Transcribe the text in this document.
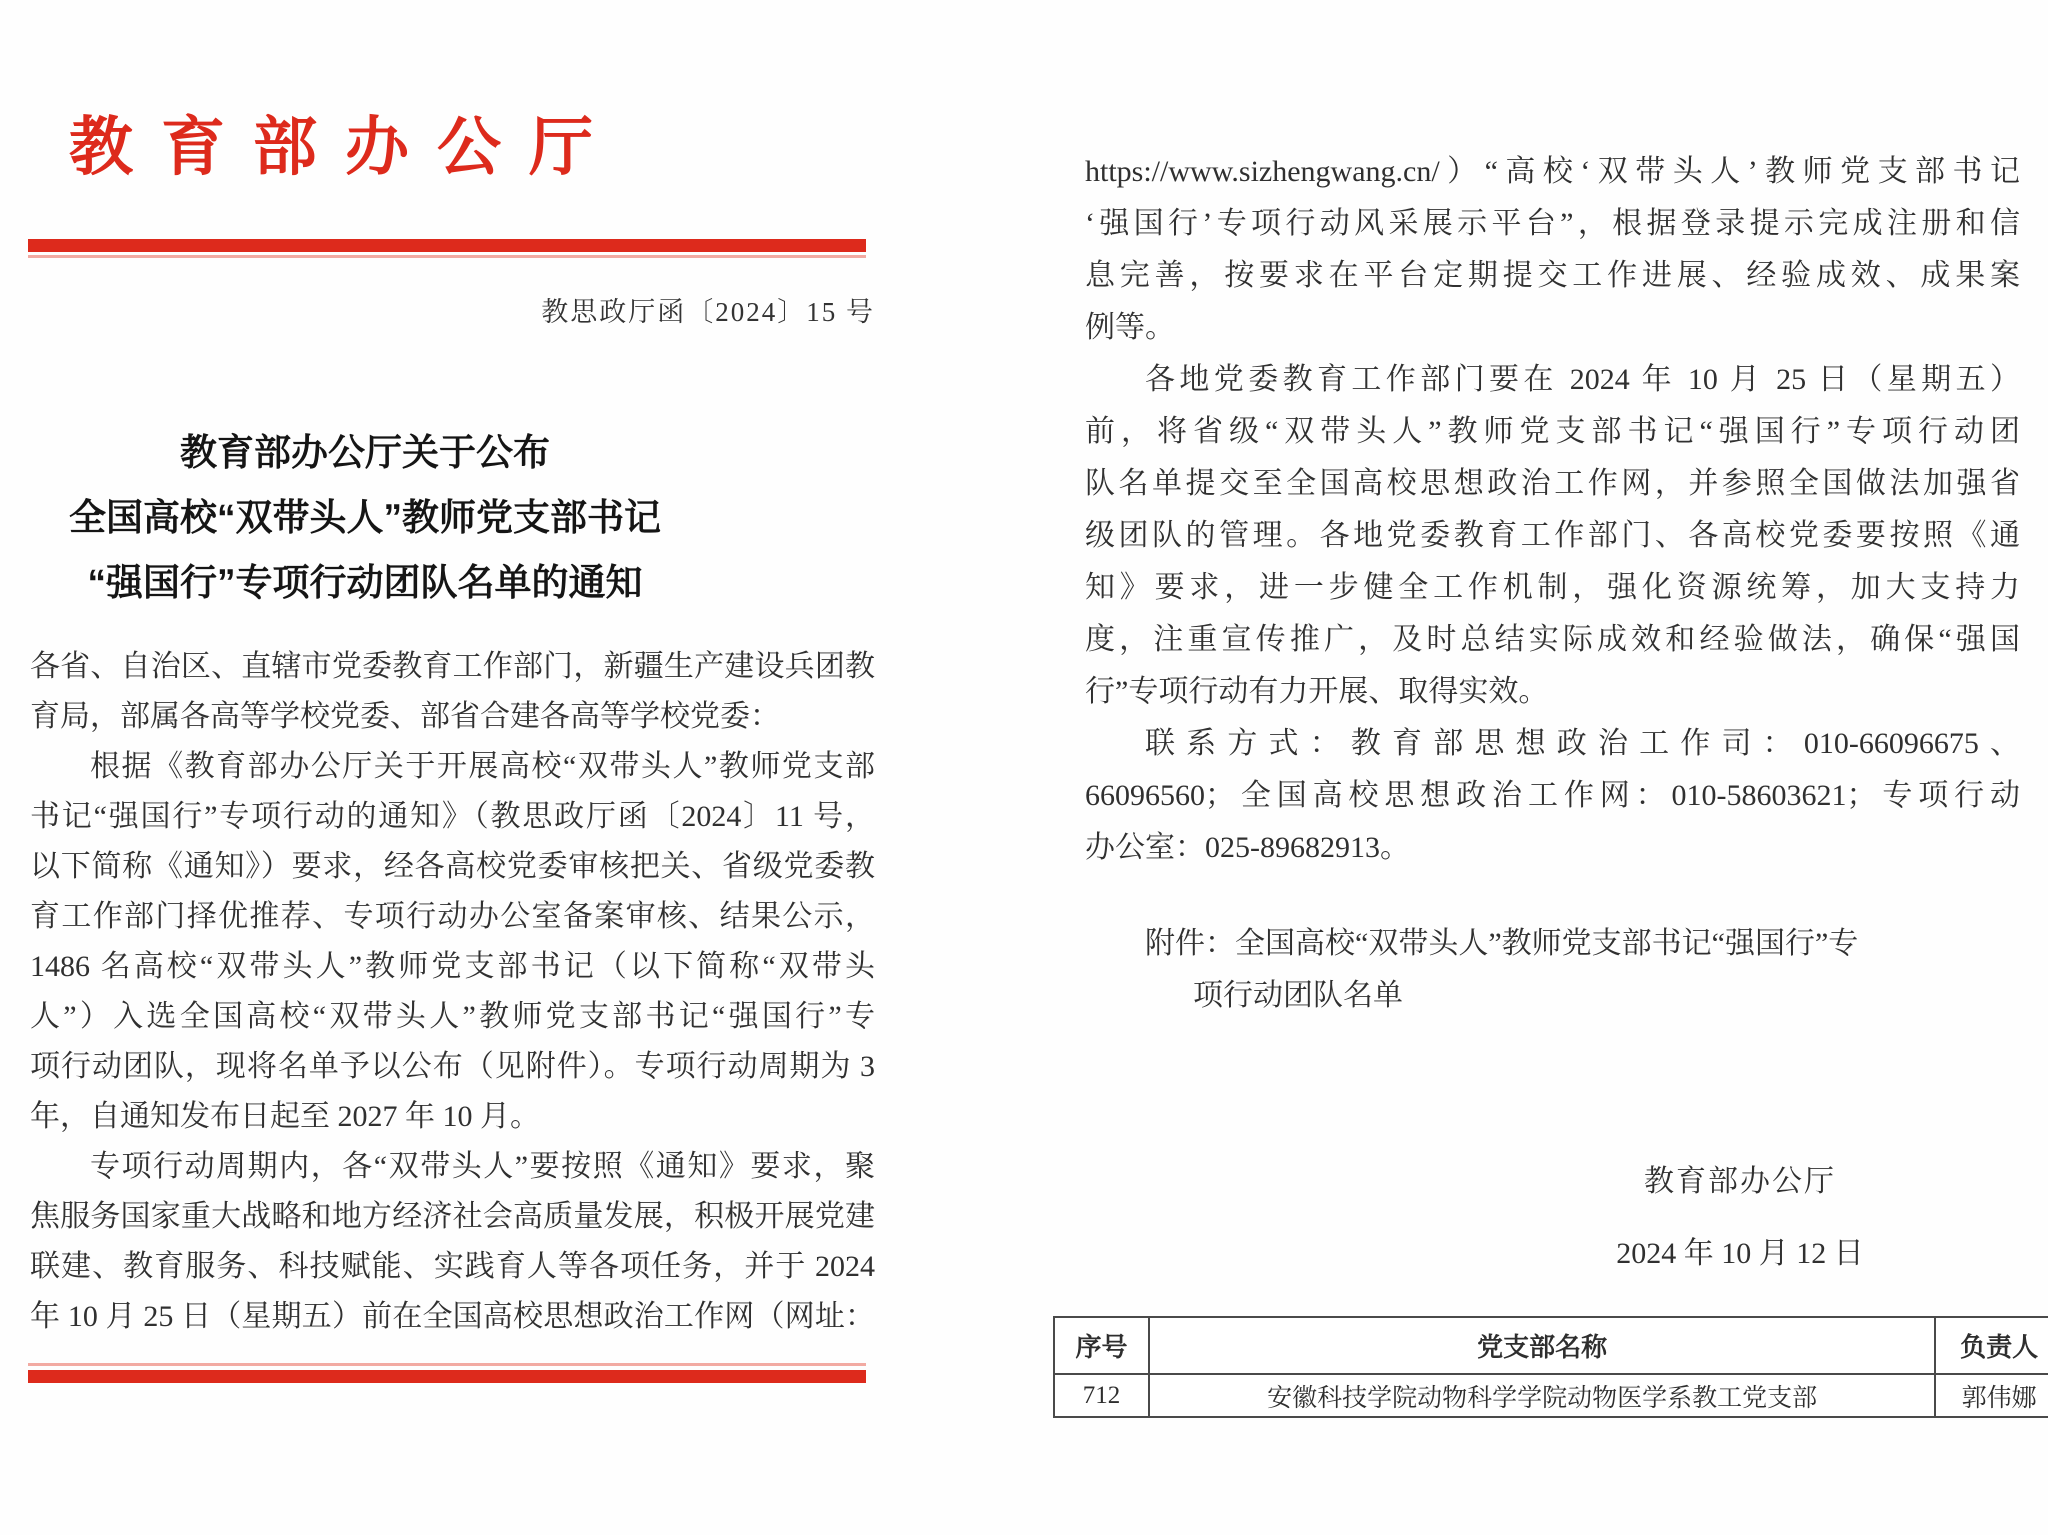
教育部办公厅
教思政厅函〔2024〕15 号
教育部办公厅关于公布
全国高校“双带头人”教师党支部书记
“强国行”专项行动团队名单的通知
各省、自治区、直辖市党委教育工作部门，新疆生产建设兵团教
育局，部属各高等学校党委、部省合建各高等学校党委：
根据《教育部办公厅关于开展高校“双带头人”教师党支部
书记“强国行”专项行动的通知》（教思政厅函〔2024〕11 号，
以下简称《通知》）要求，经各高校党委审核把关、省级党委教
育工作部门择优推荐、专项行动办公室备案审核、结果公示，
1486 名高校“双带头人”教师党支部书记（以下简称“双带头
人”）入选全国高校“双带头人”教师党支部书记“强国行”专
项行动团队，现将名单予以公布（见附件）。专项行动周期为 3
年，自通知发布日起至 2027 年 10 月。
专项行动周期内，各“双带头人”要按照《通知》要求，聚
焦服务国家重大战略和地方经济社会高质量发展，积极开展党建
联建、教育服务、科技赋能、实践育人等各项任务，并于 2024
年 10 月 25 日（星期五）前在全国高校思想政治工作网（网址：
https://www.sizhengwang.cn/）“高校‘双带头人’教师党支部书记
‘强国行’专项行动风采展示平台”，根据登录提示完成注册和信
息完善，按要求在平台定期提交工作进展、经验成效、成果案
例等。
各地党委教育工作部门要在 2024 年 10 月 25 日（星期五）
前，将省级“双带头人”教师党支部书记“强国行”专项行动团
队名单提交至全国高校思想政治工作网，并参照全国做法加强省
级团队的管理。各地党委教育工作部门、各高校党委要按照《通
知》要求，进一步健全工作机制，强化资源统筹，加大支持力
度，注重宣传推广，及时总结实际成效和经验做法，确保“强国
行”专项行动有力开展、取得实效。
联系方式：教育部思想政治工作司：010-66096675、
66096560；全国高校思想政治工作网：010-58603621；专项行动
办公室：025-89682913。
附件：全国高校“双带头人”教师党支部书记“强国行”专
项行动团队名单
教育部办公厅
2024 年 10 月 12 日
序号	党支部名称	负责人
712	安徽科技学院动物科学学院动物医学系教工党支部	郭伟娜
